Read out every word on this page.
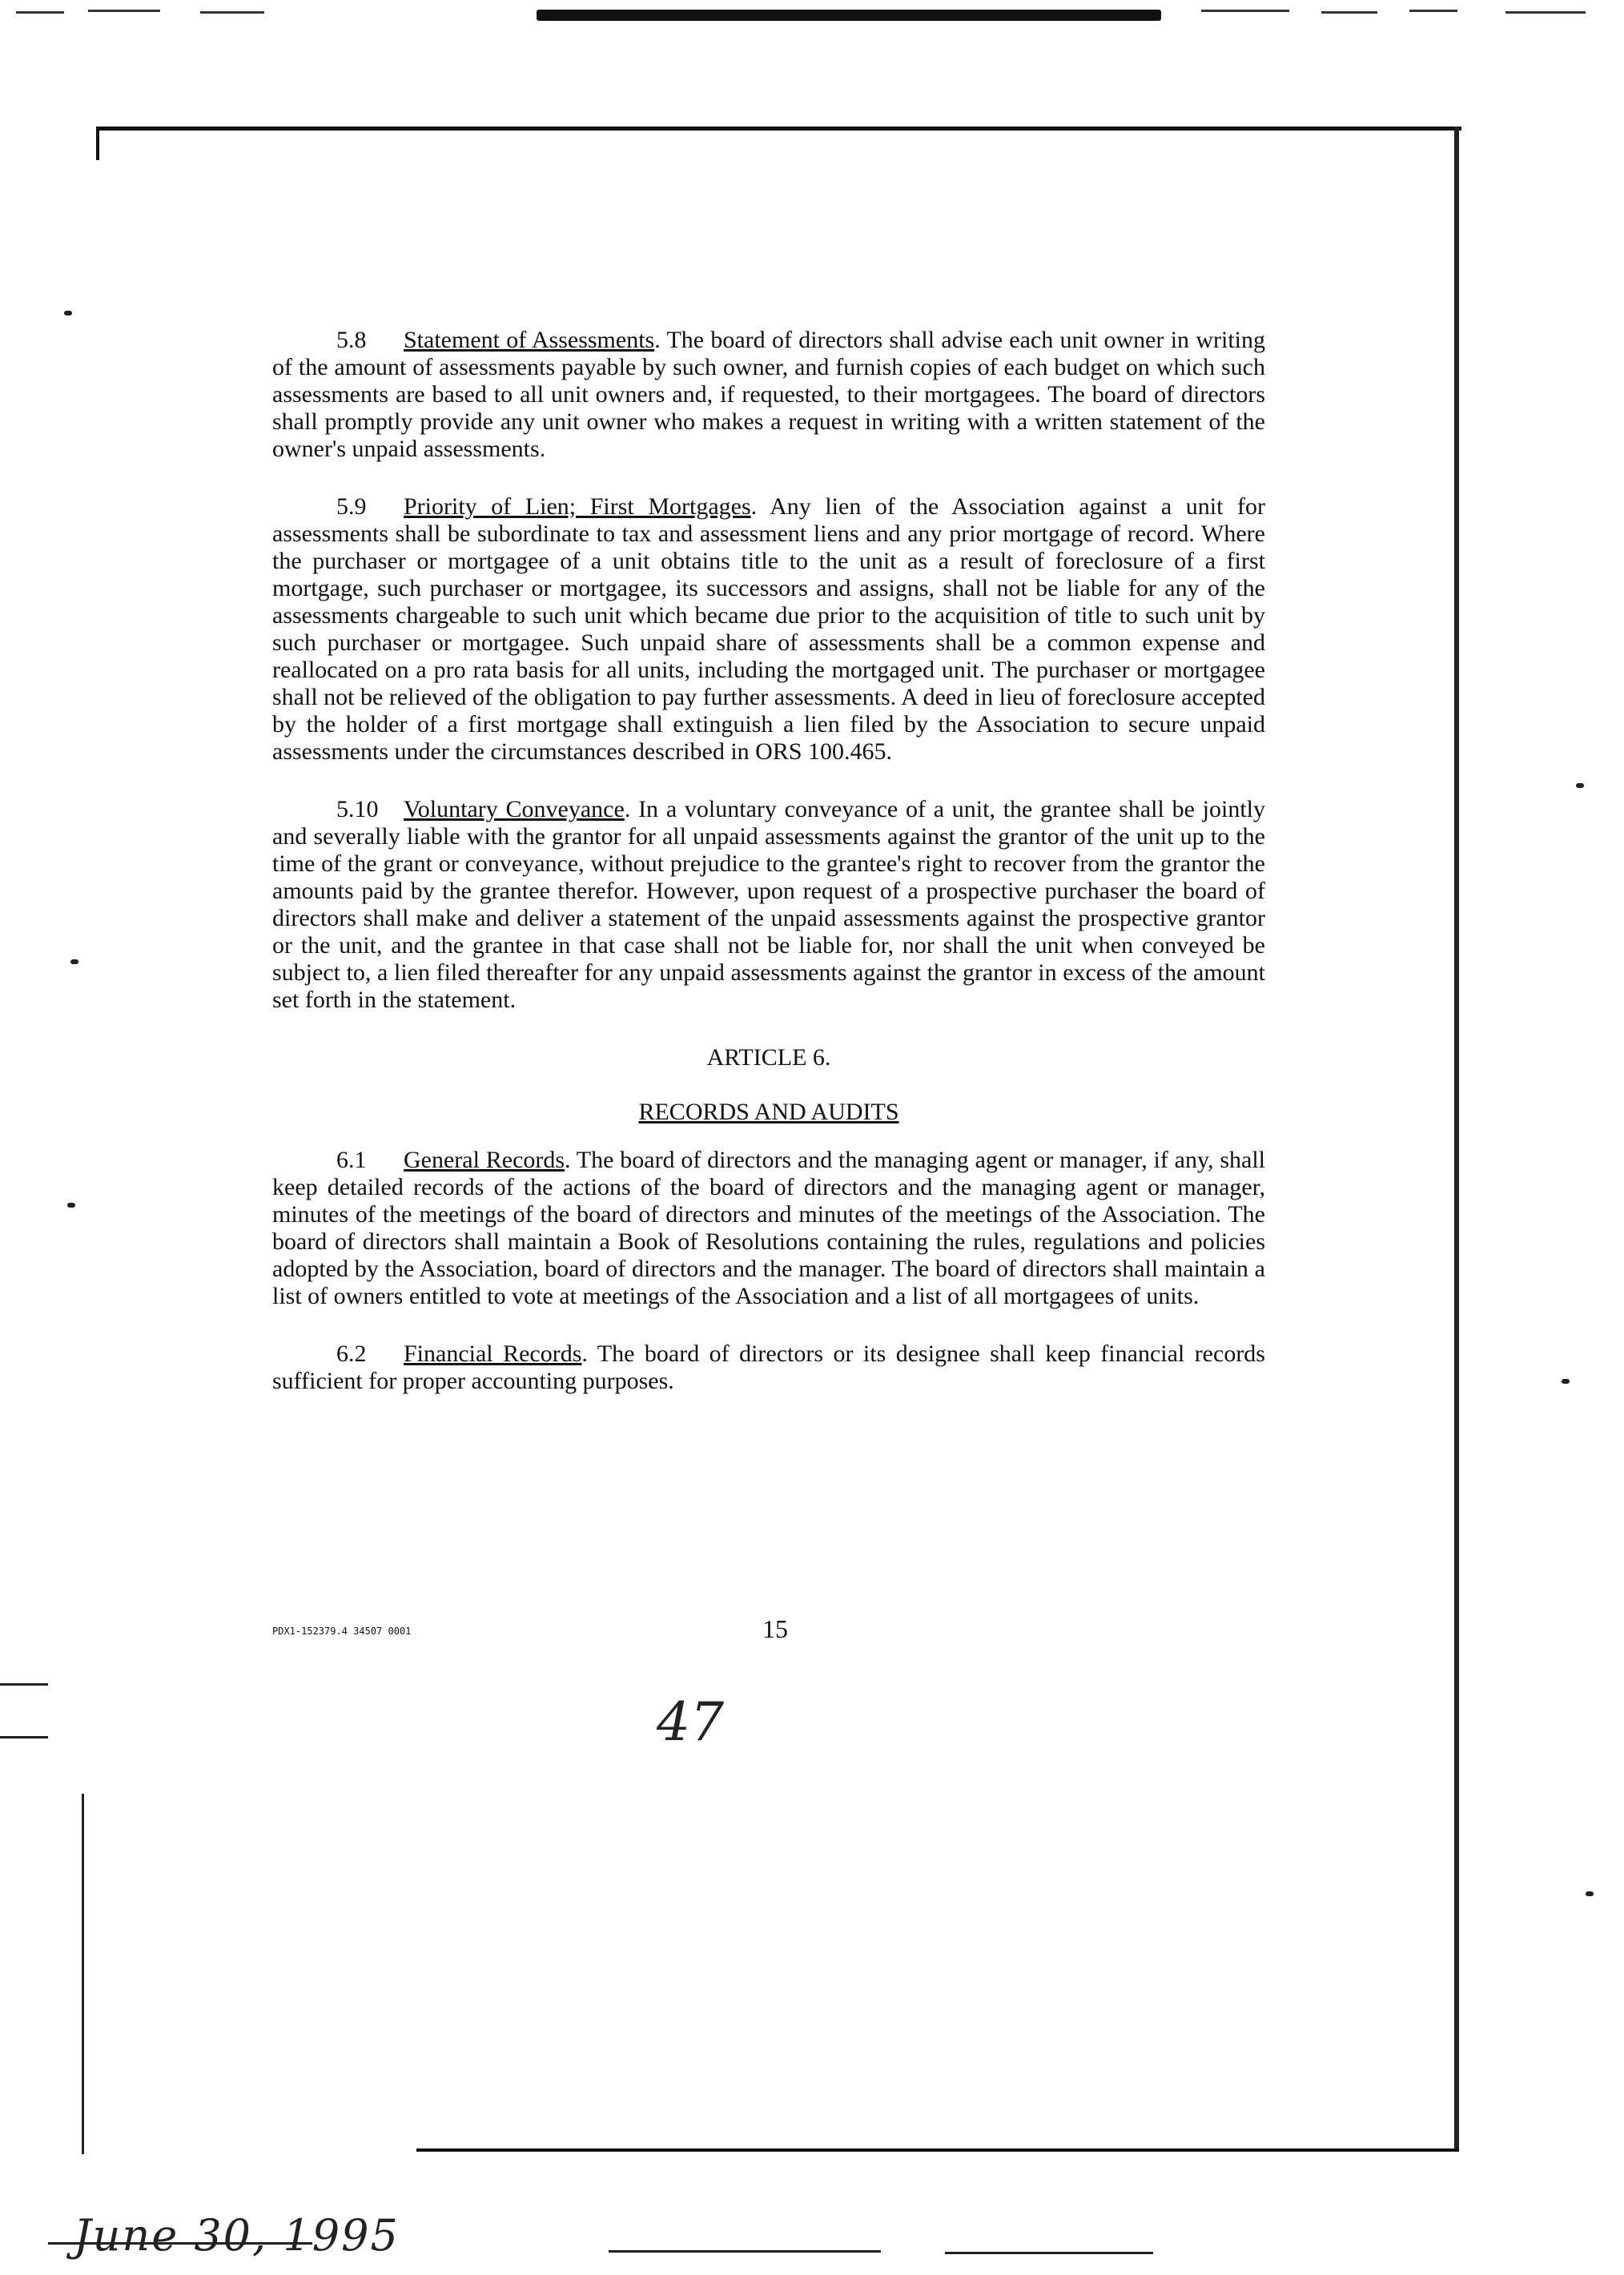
5.8 Statement of Assessments. The board of directors shall advise each unit owner in writing of the amount of assessments payable by such owner, and furnish copies of each budget on which such assessments are based to all unit owners and, if requested, to their mortgagees. The board of directors shall promptly provide any unit owner who makes a request in writing with a written statement of the owner's unpaid assessments.

5.9 Priority of Lien; First Mortgages. Any lien of the Association against a unit for assessments shall be subordinate to tax and assessment liens and any prior mortgage of record. Where the purchaser or mortgagee of a unit obtains title to the unit as a result of foreclosure of a first mortgage, such purchaser or mortgagee, its successors and assigns, shall not be liable for any of the assessments chargeable to such unit which became due prior to the acquisition of title to such unit by such purchaser or mortgagee. Such unpaid share of assessments shall be a common expense and reallocated on a pro rata basis for all units, including the mortgaged unit. The purchaser or mortgagee shall not be relieved of the obligation to pay further assessments. A deed in lieu of foreclosure accepted by the holder of a first mortgage shall extinguish a lien filed by the Association to secure unpaid assessments under the circumstances described in ORS 100.465.

5.10 Voluntary Conveyance. In a voluntary conveyance of a unit, the grantee shall be jointly and severally liable with the grantor for all unpaid assessments against the grantor of the unit up to the time of the grant or conveyance, without prejudice to the grantee's right to recover from the grantor the amounts paid by the grantee therefor. However, upon request of a prospective purchaser the board of directors shall make and deliver a statement of the unpaid assessments against the prospective grantor or the unit, and the grantee in that case shall not be liable for, nor shall the unit when conveyed be subject to, a lien filed thereafter for any unpaid assessments against the grantor in excess of the amount set forth in the statement.

ARTICLE 6.
RECORDS AND AUDITS

6.1 General Records. The board of directors and the managing agent or manager, if any, shall keep detailed records of the actions of the board of directors and the managing agent or manager, minutes of the meetings of the board of directors and minutes of the meetings of the Association. The board of directors shall maintain a Book of Resolutions containing the rules, regulations and policies adopted by the Association, board of directors and the manager. The board of directors shall maintain a list of owners entitled to vote at meetings of the Association and a list of all mortgagees of units.

6.2 Financial Records. The board of directors or its designee shall keep financial records sufficient for proper accounting purposes.

PDX1-152379.4 34507 0001	15
47
June 30, 1995
